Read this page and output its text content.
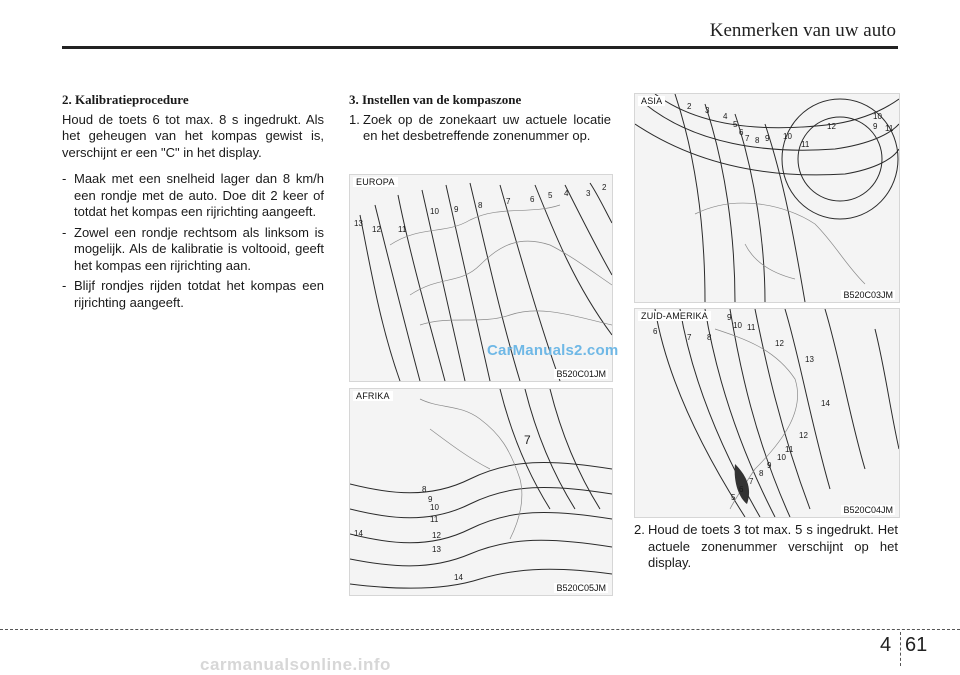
Kenmerken van uw auto
2. Kalibratieprocedure

Houd de toets 6 tot max. 8 s ingedrukt. Als het geheugen van het kompas gewist is, verschijnt er een "C" in het display.

- Maak met een snelheid lager dan 8 km/h een rondje met de auto. Doe dit 2 keer of totdat het kompas een rijrichting aangeeft.
- Zowel een rondje rechtsom als linksom is mogelijk. Als de kalibratie is voltooid, geeft het kompas een rijrichting aan.
- Blijf rondjes rijden totdat het kompas een rijrichting aangeeft.
3. Instellen van de kompaszone
1. Zoek op de zonekaart uw actuele locatie en het desbetreffende zonenummer op.
EUROPA
B520C01JM
13
12 11
10 9 8	7 6 5 4 3
2
AFRIKA
B520C05JM
7
8
9
10
11
12
13
14
14
ASIA
B520C03JM
2 3
4
5
6
7 8 9 10
11
12	9
10
11
ZUID-AMERIKA
B520C04JM
6
7 8
9
10 11
12
13
14
12
11
10
9
8
7
6
5
2. Houd de toets 3 tot max. 5 s ingedrukt. Het actuele zonenummer verschijnt op het display.
CarManuals2.com
4 61
carmanualsonline.info
